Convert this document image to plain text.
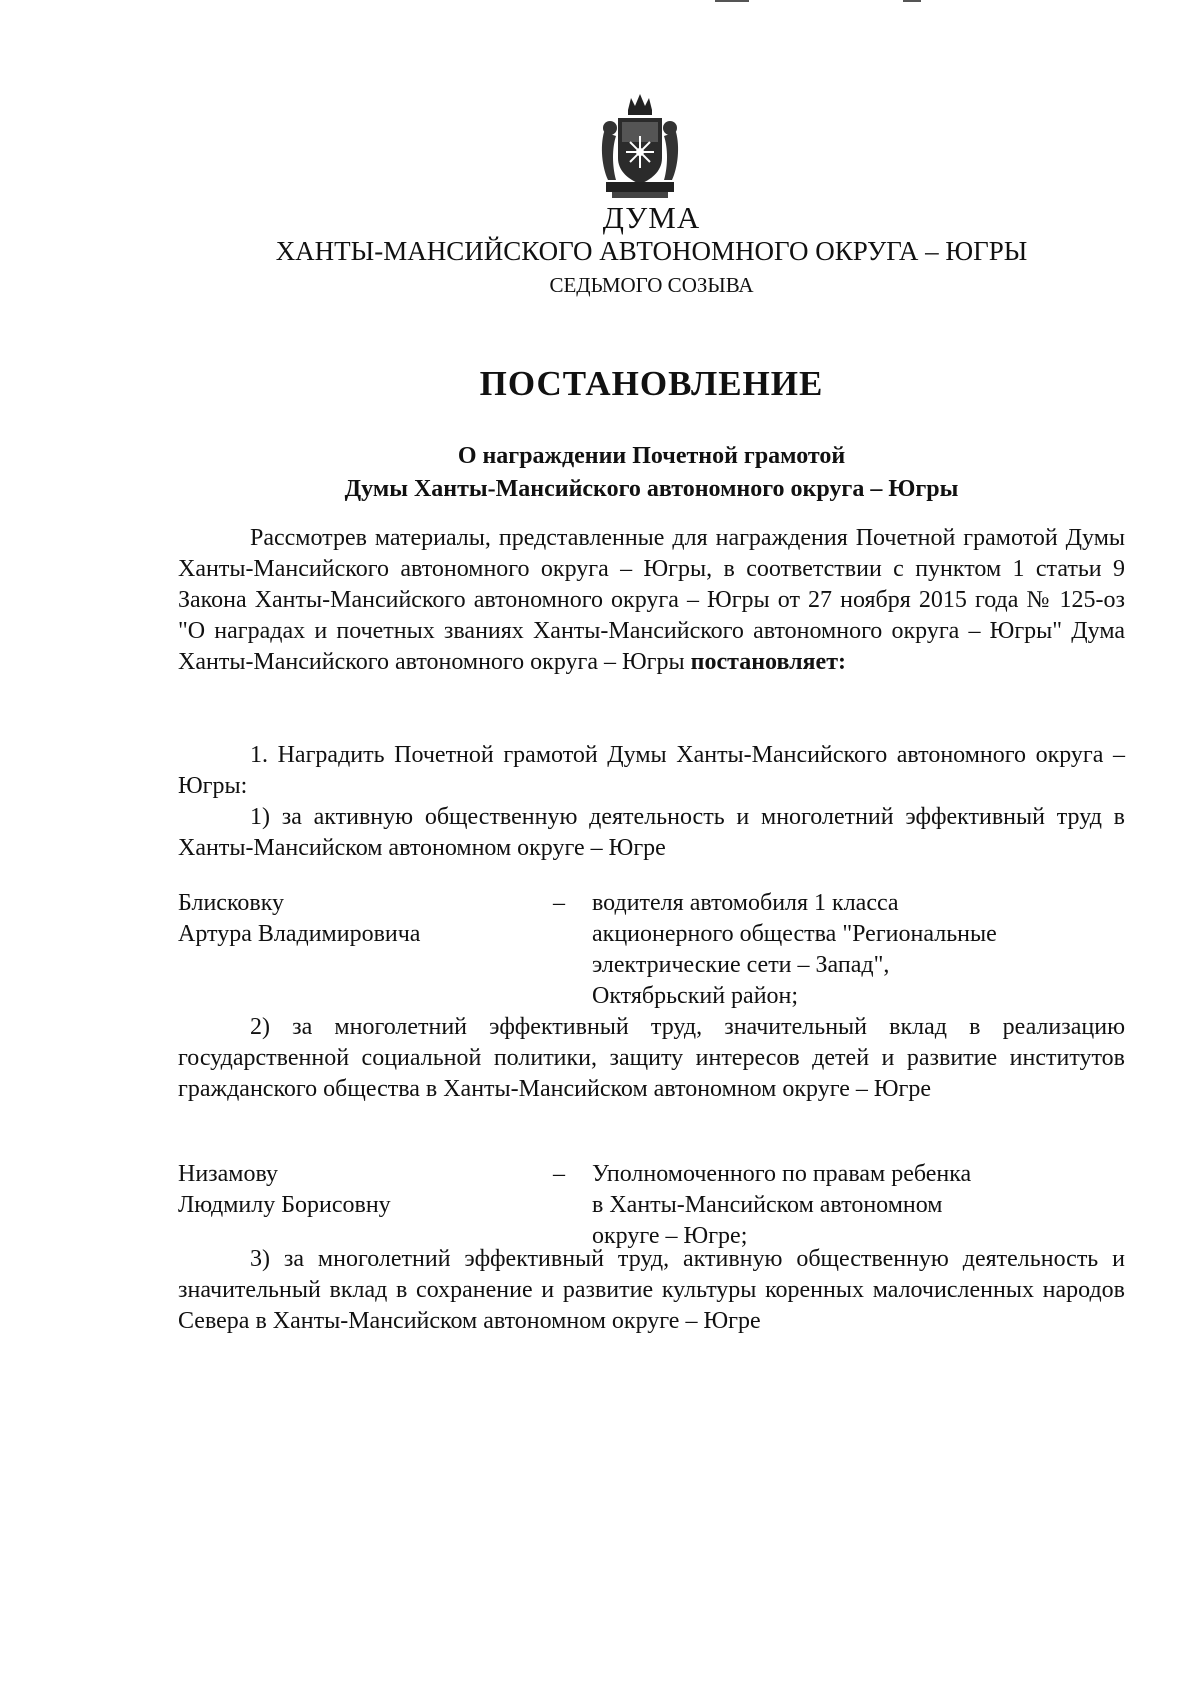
ДУМА
ХАНТЫ-МАНСИЙСКОГО АВТОНОМНОГО ОКРУГА – ЮГРЫ
СЕДЬМОГО СОЗЫВА
ПОСТАНОВЛЕНИЕ
О награждении Почетной грамотой
Думы Ханты-Мансийского автономного округа – Югры

Рассмотрев материалы, представленные для награждения Почетной грамотой Думы Ханты-Мансийского автономного округа – Югры, в соответствии с пунктом 1 статьи 9 Закона Ханты-Мансийского автономного округа – Югры от 27 ноября 2015 года № 125-оз "О наградах и почетных званиях Ханты-Мансийского автономного округа – Югры" Дума Ханты-Мансийского автономного округа – Югры постановляет:

1. Наградить Почетной грамотой Думы Ханты-Мансийского автономного округа – Югры:

1) за активную общественную деятельность и многолетний эффективный труд в Ханты-Мансийском автономном округе – Югре

Блисковку
Артура Владимировича
– водителя автомобиля 1 класса
акционерного общества "Региональные
электрические сети – Запад",
Октябрьский район;

2) за многолетний эффективный труд, значительный вклад в реализацию государственной социальной политики, защиту интересов детей и развитие институтов гражданского общества в Ханты-Мансийском автономном округе – Югре

Низамову
Людмилу Борисовну
– Уполномоченного по правам ребенка
в Ханты-Мансийском автономном
округе – Югре;

3) за многолетний эффективный труд, активную общественную деятельность и значительный вклад в сохранение и развитие культуры коренных малочисленных народов Севера в Ханты-Мансийском автономном округе – Югре
